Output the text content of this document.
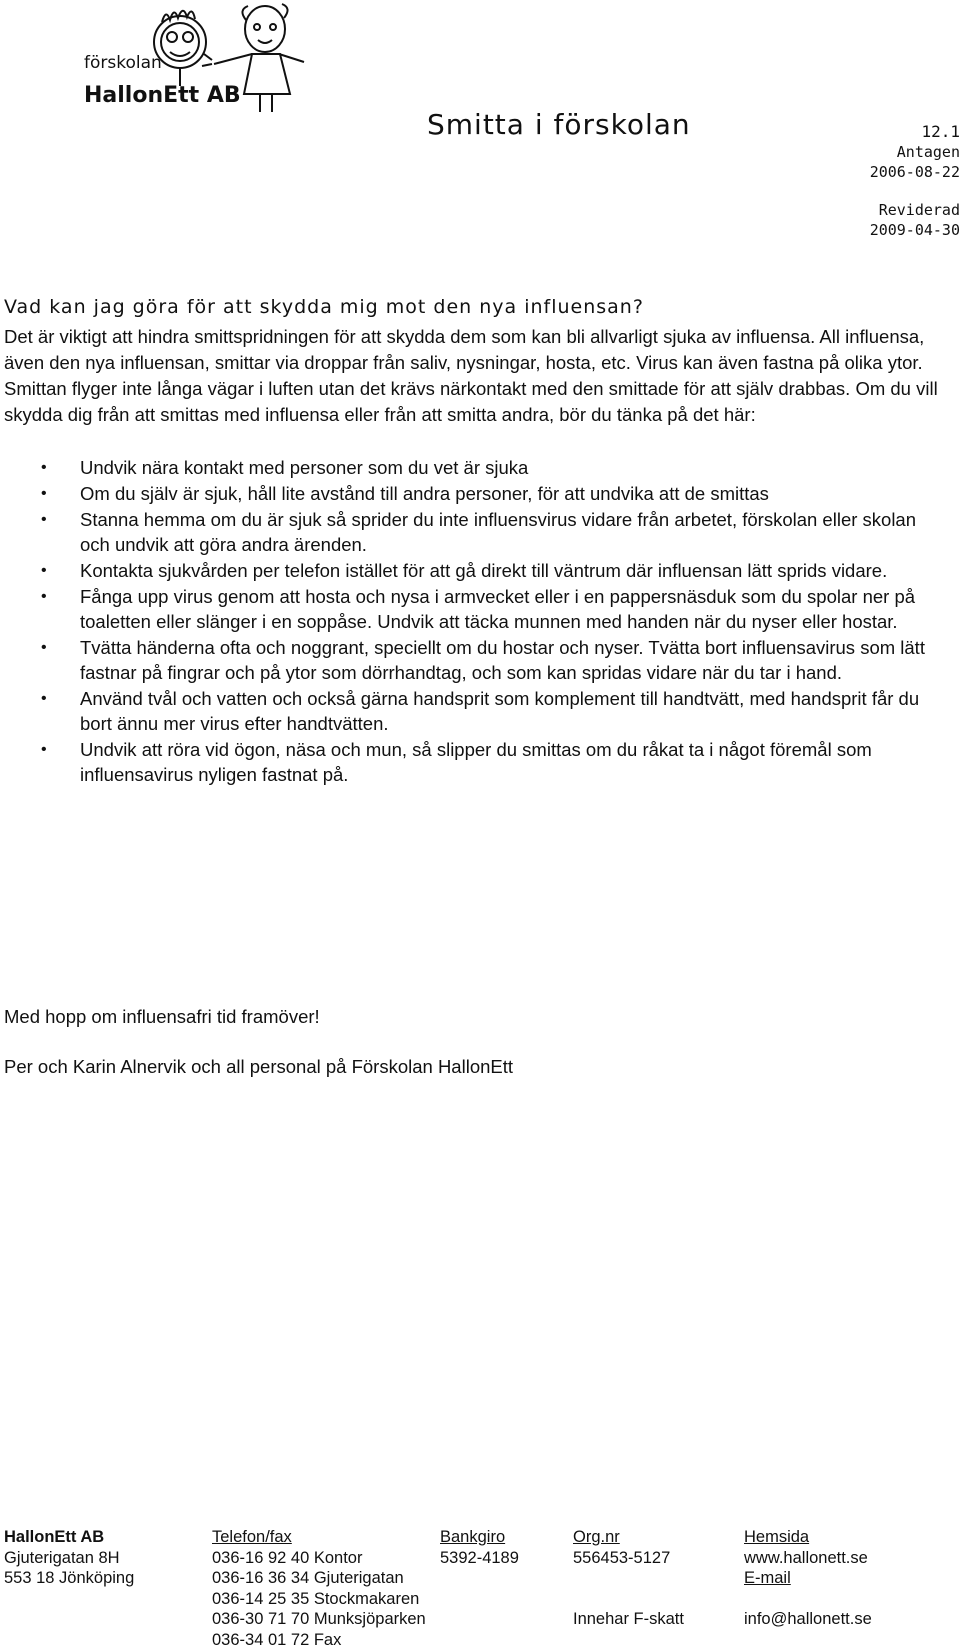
förskolan
HallonEtt AB
Smitta i förskolan	12.1
Antagen
2006-08-22
Reviderad
2009-04-30
Vad kan jag göra för att skydda mig mot den nya influensan?

Det är viktigt att hindra smittspridningen för att skydda dem som kan bli allvarligt sjuka av influensa. All influensa, även den nya influensan, smittar via droppar från saliv, nysningar, hosta, etc. Virus kan även fastna på olika ytor. Smittan flyger inte långa vägar i luften utan det krävs närkontakt med den smittade för att själv drabbas. Om du vill skydda dig från att smittas med influensa eller från att smitta andra, bör du tänka på det här:

• Undvik nära kontakt med personer som du vet är sjuka
• Om du själv är sjuk, håll lite avstånd till andra personer, för att undvika att de smittas
• Stanna hemma om du är sjuk så sprider du inte influensvirus vidare från arbetet, förskolan eller skolan och undvik att göra andra ärenden.
• Kontakta sjukvården per telefon istället för att gå direkt till väntrum där influensan lätt sprids vidare.
• Fånga upp virus genom att hosta och nysa i armvecket eller i en pappersnäsduk som du spolar ner på toaletten eller slänger i en soppåse. Undvik att täcka munnen med handen när du nyser eller hostar.
• Tvätta händerna ofta och noggrant, speciellt om du hostar och nyser. Tvätta bort influensavirus som lätt fastnar på fingrar och på ytor som dörrhandtag, och som kan spridas vidare när du tar i hand.
• Använd tvål och vatten och också gärna handsprit som komplement till handtvätt, med handsprit får du bort ännu mer virus efter handtvätten.
• Undvik att röra vid ögon, näsa och mun, så slipper du smittas om du råkat ta i något föremål som influensavirus nyligen fastnat på.

Med hopp om influensafri tid framöver!

Per och Karin Alnervik och all personal på Förskolan HallonEtt

HallonEtt AB
Gjuterigatan 8H
553 18 Jönköping
Telefon/fax
036-16 92 40 Kontor
036-16 36 34 Gjuterigatan
036-14 25 35 Stockmakaren
036-30 71 70 Munksjöparken
036-34 01 72 Fax
Bankgiro
5392-4189
Org.nr
556453-5127

Innehar F-skatt
Hemsida
www.hallonett.se
E-mail

info@hallonett.se
